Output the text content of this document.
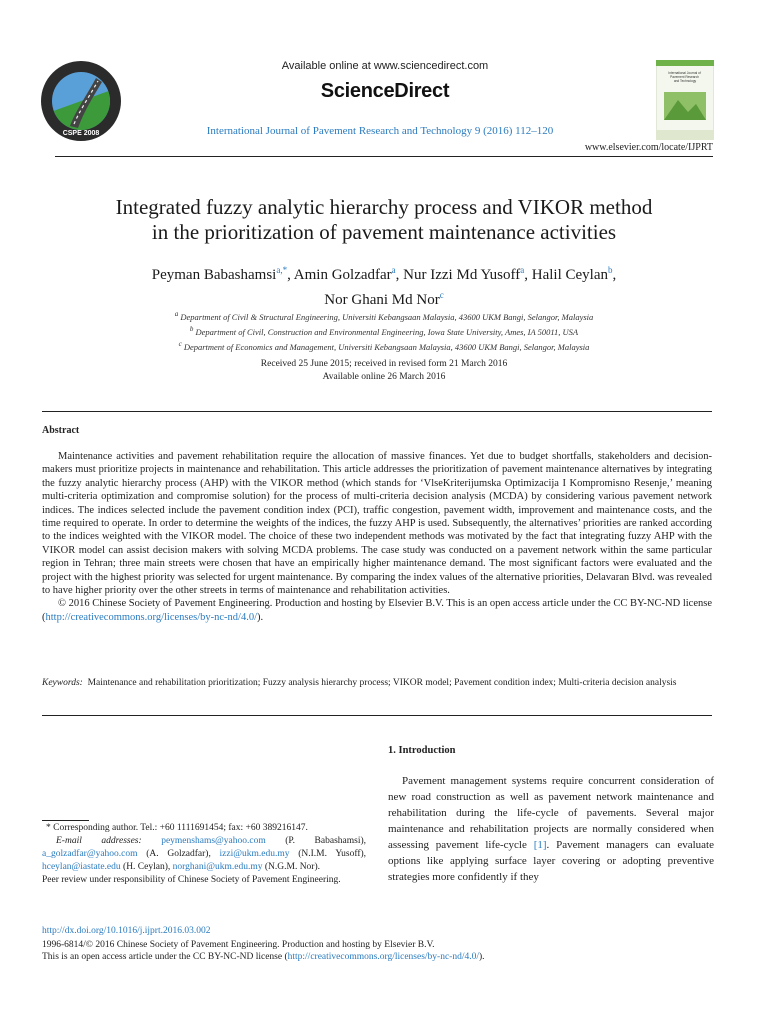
CSPE 2008
Available online at www.sciencedirect.com
ScienceDirect
International Journal of Pavement Research and Technology 9 (2016) 112–120
International Journal of Pavement Research and Technology
www.elsevier.com/locate/IJPRT
Integrated fuzzy analytic hierarchy process and VIKOR method
in the prioritization of pavement maintenance activities
Peyman Babashamsi$^{a,*}$, Amin Golzadfar$^a$, Nur Izzi Md Yusoff$^a$, Halil Ceylan$^b$,
Nor Ghani Md Nor$^c$
$^a$ Department of Civil & Structural Engineering, Universiti Kebangsaan Malaysia, 43600 UKM Bangi, Selangor, Malaysia
$^b$ Department of Civil, Construction and Environmental Engineering, Iowa State University, Ames, IA 50011, USA
$^c$ Department of Economics and Management, Universiti Kebangsaan Malaysia, 43600 UKM Bangi, Selangor, Malaysia
Received 25 June 2015; received in revised form 21 March 2016
Available online 26 March 2016
Abstract

Maintenance activities and pavement rehabilitation require the allocation of massive finances. Yet due to budget shortfalls, stakeholders and decision-makers must prioritize projects in maintenance and rehabilitation. This article addresses the prioritization of pavement maintenance alternatives by integrating the fuzzy analytic hierarchy process (AHP) with the VIKOR method (which stands for ‘VlseKriterijumska Optimizacija I Kompromisno Resenje,’ meaning multi-criteria optimization and compromise solution) for the process of multi-criteria decision analysis (MCDA) by considering various pavement network indices. The indices selected include the pavement condition index (PCI), traffic congestion, pavement width, improvement and maintenance costs, and the time required to operate. In order to determine the weights of the indices, the fuzzy AHP is used. Subsequently, the alternatives’ priorities are ranked according to the indices weighted with the VIKOR model. The choice of these two independent methods was motivated by the fact that integrating fuzzy AHP with the VIKOR model can assist decision makers with solving MCDA problems. The case study was conducted on a pavement network within the same particular region in Tehran; three main streets were chosen that have an empirically higher maintenance demand. The most significant factors were evaluated and the project with the highest priority was selected for urgent maintenance. By comparing the index values of the alternative priorities, Delavaran Blvd. was revealed to have higher priority over the other streets in terms of maintenance and rehabilitation activities.

© 2016 Chinese Society of Pavement Engineering. Production and hosting by Elsevier B.V. This is an open access article under the CC BY-NC-ND license (http://creativecommons.org/licenses/by-nc-nd/4.0/).

Keywords: Maintenance and rehabilitation prioritization; Fuzzy analysis hierarchy process; VIKOR model; Pavement condition index; Multi-criteria decision analysis
1. Introduction
Pavement management systems require concurrent consideration of new road construction as well as pavement network maintenance and rehabilitation during the life-cycle of pavements. Several major maintenance and rehabilitation projects are normally considered when assessing pavement life-cycle [1]. Pavement managers can evaluate options like applying surface layer covering or adopting preventive strategies more confidently if they
* Corresponding author. Tel.: +60 1111691454; fax: +60 389216147.
E-mail addresses: peymenshams@yahoo.com (P. Babashamsi), a_golzadfar@yahoo.com (A. Golzadfar), izzi@ukm.edu.my (N.I.M. Yusoff), hceylan@iastate.edu (H. Ceylan), norghani@ukm.edu.my (N.G.M. Nor).
Peer review under responsibility of Chinese Society of Pavement Engineering.
http://dx.doi.org/10.1016/j.ijprt.2016.03.002
1996-6814/© 2016 Chinese Society of Pavement Engineering. Production and hosting by Elsevier B.V.
This is an open access article under the CC BY-NC-ND license (http://creativecommons.org/licenses/by-nc-nd/4.0/).
